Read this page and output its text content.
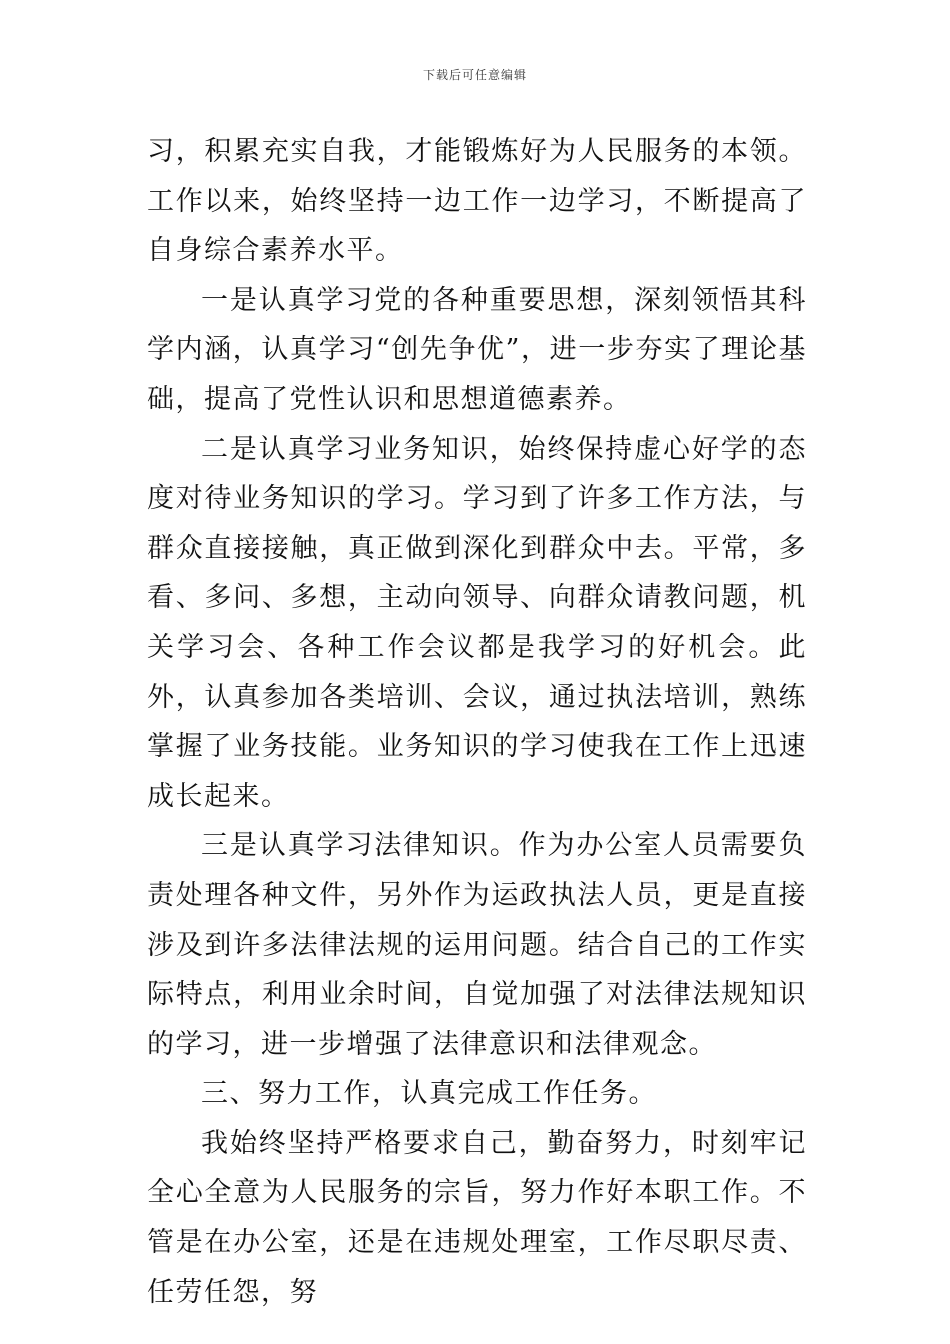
下载后可任意编辑

习，积累充实自我，才能锻炼好为人民服务的本领。工作以来，始终坚持一边工作一边学习，不断提高了自身综合素养水平。

一是认真学习党的各种重要思想，深刻领悟其科学内涵，认真学习“创先争优”，进一步夯实了理论基础，提高了党性认识和思想道德素养。

二是认真学习业务知识，始终保持虚心好学的态度对待业务知识的学习。学习到了许多工作方法，与群众直接接触，真正做到深化到群众中去。平常，多看、多问、多想，主动向领导、向群众请教问题，机关学习会、各种工作会议都是我学习的好机会。此外，认真参加各类培训、会议，通过执法培训，熟练掌握了业务技能。业务知识的学习使我在工作上迅速成长起来。

三是认真学习法律知识。作为办公室人员需要负责处理各种文件，另外作为运政执法人员，更是直接涉及到许多法律法规的运用问题。结合自己的工作实际特点，利用业余时间，自觉加强了对法律法规知识的学习，进一步增强了法律意识和法律观念。

三、努力工作，认真完成工作任务。

我始终坚持严格要求自己，勤奋努力，时刻牢记全心全意为人民服务的宗旨，努力作好本职工作。不管是在办公室，还是在违规处理室，工作尽职尽责、任劳任怨，努
